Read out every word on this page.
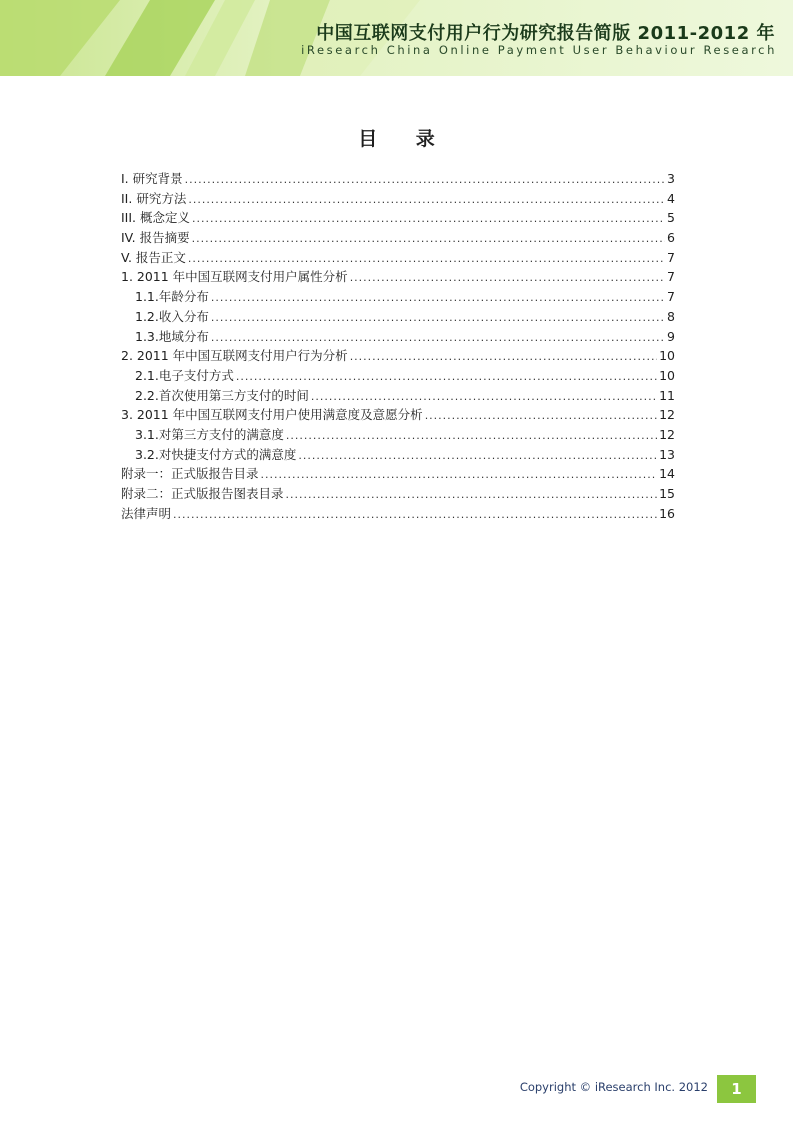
中国互联网支付用户行为研究报告简版 2011-2012 年
iResearch China Online Payment User Behaviour Research
目 录
I. 研究背景 .....	3
II. 研究方法 .....	4
III. 概念定义 .....	5
IV. 报告摘要 .....	6
V. 报告正文 .....	7
1. 2011 年中国互联网支付用户属性分析 .....	7
1.1.年龄分布 .....	7
1.2.收入分布 .....	8
1.3.地域分布 .....	9
2. 2011 年中国互联网支付用户行为分析 .....	10
2.1.电子支付方式 .....	10
2.2.首次使用第三方支付的时间 .....	11
3. 2011 年中国互联网支付用户使用满意度及意愿分析 .....	12
3.1.对第三方支付的满意度 .....	12
3.2.对快捷支付方式的满意度 .....	13
附录一：正式版报告目录 .....	14
附录二：正式版报告图表目录 .....	15
法律声明 .....	16
Copyright © iResearch Inc. 2012	1
